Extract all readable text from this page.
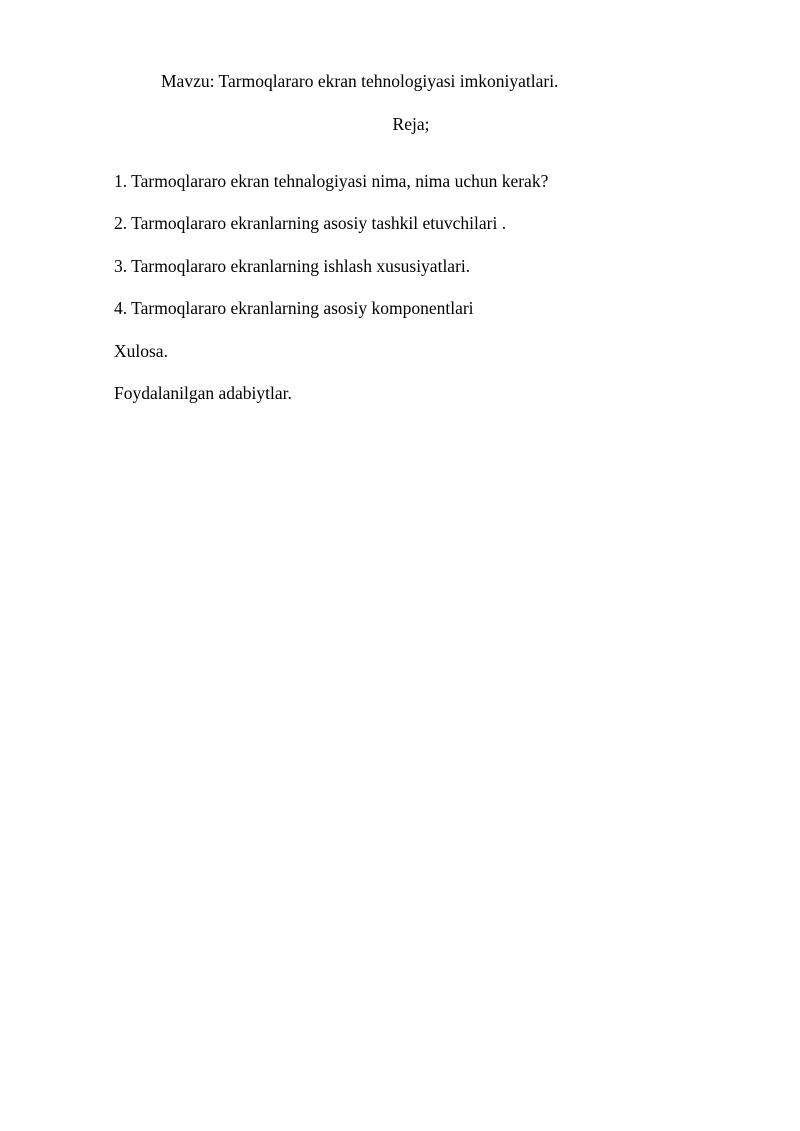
Mavzu: Tarmoqlararo ekran tehnologiyasi imkoniyatlari.
Reja;
1. Tarmoqlararo ekran tehnalogiyasi nima, nima uchun kerak?
2. Tarmoqlararo ekranlarning asosiy tashkil etuvchilari .
3. Tarmoqlararo ekranlarning ishlash xususiyatlari.
4. Tarmoqlararo ekranlarning asosiy komponentlari
Xulosa.
Foydalanilgan adabiytlar.
